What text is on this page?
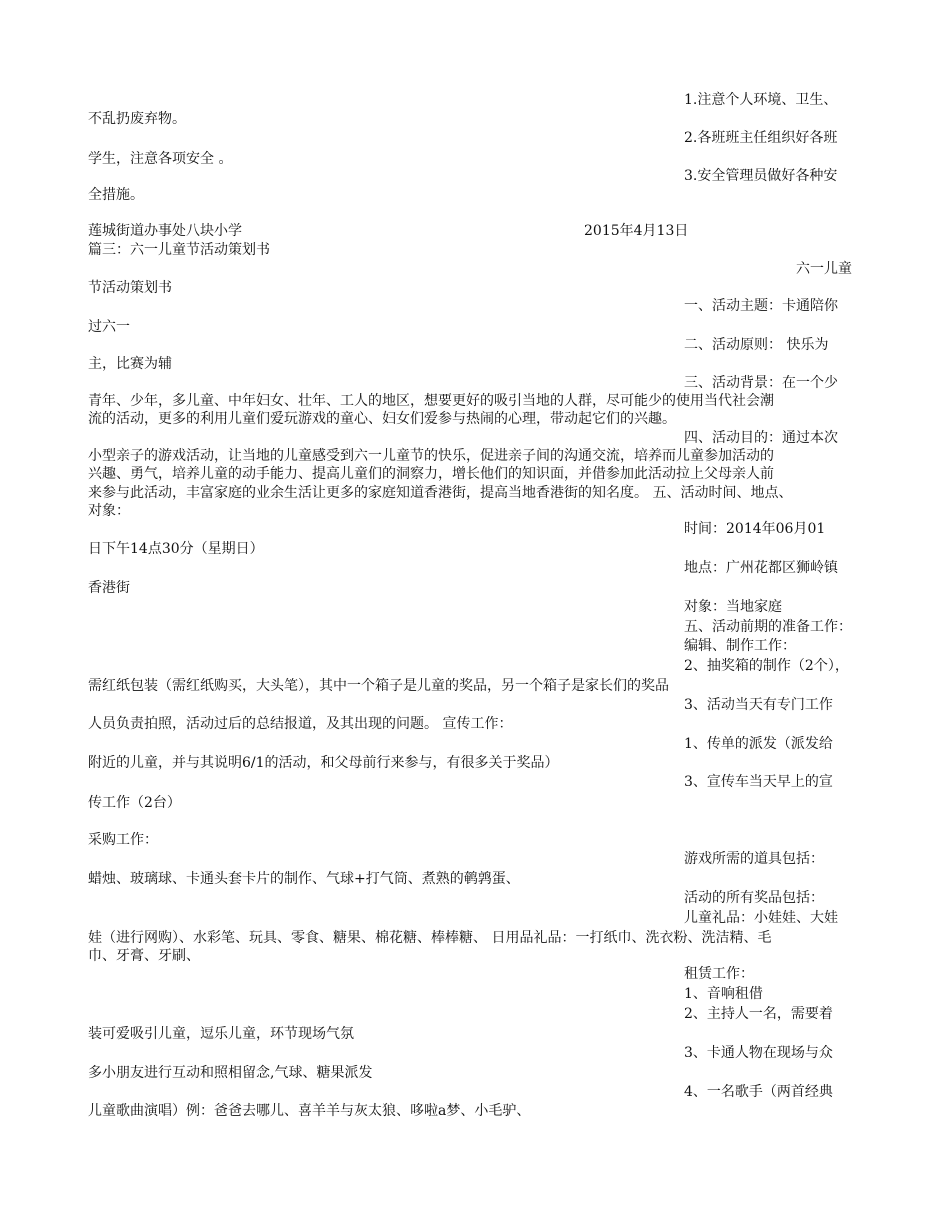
1.注意个人环境、卫生、
不乱扔废弃物。
2.各班班主任组织好各班
学生，注意各项安全 。
3.安全管理员做好各种安
全措施。
莲城街道办事处八块小学	2015年4月13日
篇三：六一儿童节活动策划书
六一儿童
节活动策划书
一、活动主题：卡通陪你
过六一
二、活动原则： 快乐为
主，比赛为辅
三、活动背景：在一个少
青年、少年，多儿童、中年妇女、壮年、工人的地区，想要更好的吸引当地的人群，尽可能少的使用当代社会潮
流的活动，更多的利用儿童们爱玩游戏的童心、妇女们爱参与热闹的心理，带动起它们的兴趣。
四、活动目的：通过本次
小型亲子的游戏活动，让当地的儿童感受到六一儿童节的快乐，促进亲子间的沟通交流，培养而儿童参加活动的
兴趣、勇气，培养儿童的动手能力、提高儿童们的洞察力，增长他们的知识面，并借参加此活动拉上父母亲人前
来参与此活动，丰富家庭的业余生活让更多的家庭知道香港街，提高当地香港街的知名度。 五、活动时间、地点、
对象：
时间：2014年06月01
日下午14点30分（星期日）
地点：广州花都区狮岭镇
香港街
对象：当地家庭
五、活动前期的准备工作：
编辑、制作工作：
2、抽奖箱的制作（2个），
需红纸包装（需红纸购买，大头笔），其中一个箱子是儿童的奖品，另一个箱子是家长们的奖品
3、活动当天有专门工作
人员负责拍照，活动过后的总结报道，及其出现的问题。 宣传工作：
1、传单的派发（派发给
附近的儿童，并与其说明6/1的活动，和父母前行来参与，有很多关于奖品）
3、宣传车当天早上的宣
传工作（2台）
采购工作：
游戏所需的道具包括：
蜡烛、玻璃球、卡通头套卡片的制作、气球+打气筒、煮熟的鹌鹑蛋、
活动的所有奖品包括：
儿童礼品：小娃娃、大娃
娃（进行网购）、水彩笔、玩具、零食、糖果、棉花糖、棒棒糖、 日用品礼品：一打纸巾、洗衣粉、洗洁精、毛
巾、牙膏、牙刷、
租赁工作：
1、音响租借
2、主持人一名，需要着
装可爱吸引儿童，逗乐儿童，环节现场气氛
3、卡通人物在现场与众
多小朋友进行互动和照相留念,气球、糖果派发
4、一名歌手（两首经典
儿童歌曲演唱）例：爸爸去哪儿、喜羊羊与灰太狼、哆啦a梦、小毛驴、
